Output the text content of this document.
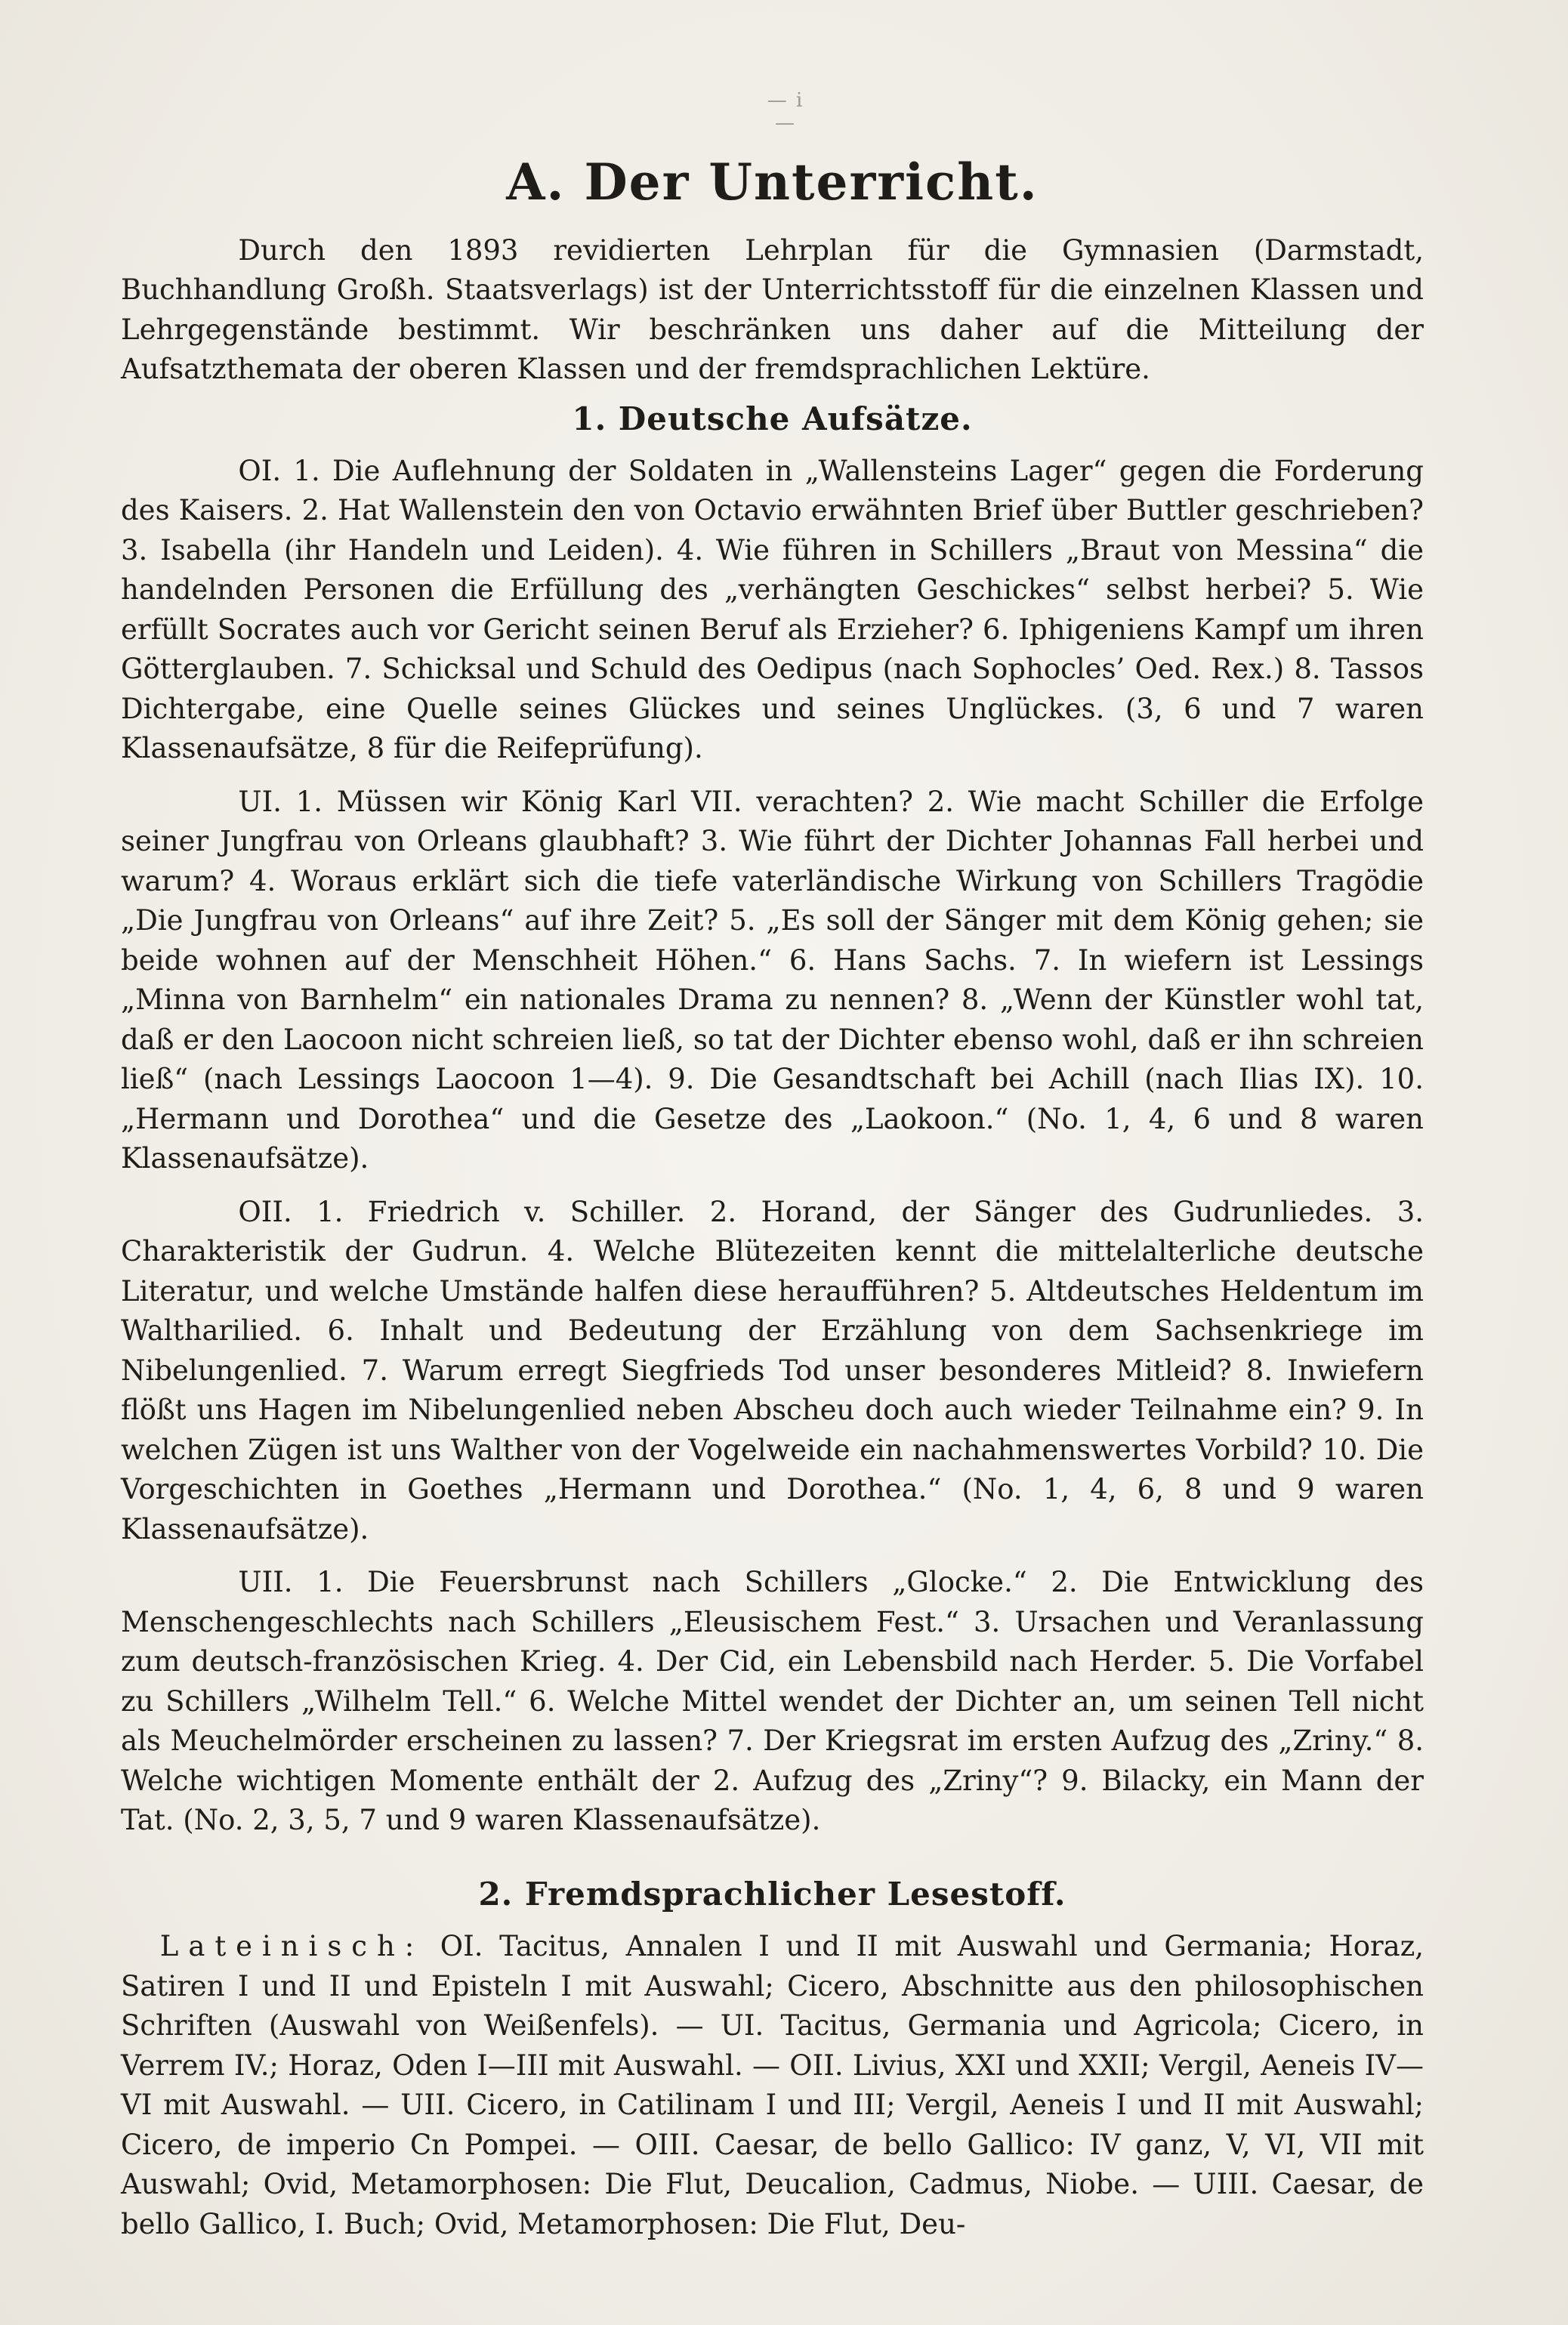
— i —
A. Der Unterricht.

Durch den 1893 revidierten Lehrplan für die Gymnasien (Darmstadt, Buchhandlung Großh. Staatsverlags) ist der Unterrichtsstoff für die einzelnen Klassen und Lehrgegenstände bestimmt. Wir beschränken uns daher auf die Mitteilung der Aufsatzthemata der oberen Klassen und der fremdsprachlichen Lektüre.

1. Deutsche Aufsätze.

OI. 1. Die Auflehnung der Soldaten in „Wallensteins Lager“ gegen die Forderung des Kaisers. 2. Hat Wallenstein den von Octavio erwähnten Brief über Buttler geschrieben? 3. Isabella (ihr Handeln und Leiden). 4. Wie führen in Schillers „Braut von Messina“ die handelnden Personen die Erfüllung des „verhängten Geschickes“ selbst herbei? 5. Wie erfüllt Socrates auch vor Gericht seinen Beruf als Erzieher? 6. Iphigeniens Kampf um ihren Götterglauben. 7. Schicksal und Schuld des Oedipus (nach Sophocles’ Oed. Rex.) 8. Tassos Dichtergabe, eine Quelle seines Glückes und seines Unglückes. (3, 6 und 7 waren Klassenaufsätze, 8 für die Reifeprüfung).

UI. 1. Müssen wir König Karl VII. verachten? 2. Wie macht Schiller die Erfolge seiner Jungfrau von Orleans glaubhaft? 3. Wie führt der Dichter Johannas Fall herbei und warum? 4. Woraus erklärt sich die tiefe vaterländische Wirkung von Schillers Tragödie „Die Jungfrau von Orleans“ auf ihre Zeit? 5. „Es soll der Sänger mit dem König gehen; sie beide wohnen auf der Menschheit Höhen.“ 6. Hans Sachs. 7. In wiefern ist Lessings „Minna von Barnhelm“ ein nationales Drama zu nennen? 8. „Wenn der Künstler wohl tat, daß er den Laocoon nicht schreien ließ, so tat der Dichter ebenso wohl, daß er ihn schreien ließ“ (nach Lessings Laocoon 1—4). 9. Die Gesandtschaft bei Achill (nach Ilias IX). 10. „Hermann und Dorothea“ und die Gesetze des „Laokoon.“ (No. 1, 4, 6 und 8 waren Klassenaufsätze).

OII. 1. Friedrich v. Schiller. 2. Horand, der Sänger des Gudrunliedes. 3. Charakteristik der Gudrun. 4. Welche Blütezeiten kennt die mittelalterliche deutsche Literatur, und welche Umstände halfen diese heraufführen? 5. Altdeutsches Heldentum im Waltharilied. 6. Inhalt und Bedeutung der Erzählung von dem Sachsenkriege im Nibelungenlied. 7. Warum erregt Siegfrieds Tod unser besonderes Mitleid? 8. Inwiefern flößt uns Hagen im Nibelungenlied neben Abscheu doch auch wieder Teilnahme ein? 9. In welchen Zügen ist uns Walther von der Vogelweide ein nachahmenswertes Vorbild? 10. Die Vorgeschichten in Goethes „Hermann und Dorothea.“ (No. 1, 4, 6, 8 und 9 waren Klassenaufsätze).

UII. 1. Die Feuersbrunst nach Schillers „Glocke.“ 2. Die Entwicklung des Menschengeschlechts nach Schillers „Eleusischem Fest.“ 3. Ursachen und Veranlassung zum deutsch-französischen Krieg. 4. Der Cid, ein Lebensbild nach Herder. 5. Die Vorfabel zu Schillers „Wilhelm Tell.“ 6. Welche Mittel wendet der Dichter an, um seinen Tell nicht als Meuchelmörder erscheinen zu lassen? 7. Der Kriegsrat im ersten Aufzug des „Zriny.“ 8. Welche wichtigen Momente enthält der 2. Aufzug des „Zriny“? 9. Bilacky, ein Mann der Tat. (No. 2, 3, 5, 7 und 9 waren Klassenaufsätze).

2. Fremdsprachlicher Lesestoff.

Lateinisch: OI. Tacitus, Annalen I und II mit Auswahl und Germania; Horaz, Satiren I und II und Episteln I mit Auswahl; Cicero, Abschnitte aus den philosophischen Schriften (Auswahl von Weißenfels). — UI. Tacitus, Germania und Agricola; Cicero, in Verrem IV.; Horaz, Oden I—III mit Auswahl. — OII. Livius, XXI und XXII; Vergil, Aeneis IV—VI mit Auswahl. — UII. Cicero, in Catilinam I und III; Vergil, Aeneis I und II mit Auswahl; Cicero, de imperio Cn Pompei. — OIII. Caesar, de bello Gallico: IV ganz, V, VI, VII mit Auswahl; Ovid, Metamorphosen: Die Flut, Deucalion, Cadmus, Niobe. — UIII. Caesar, de bello Gallico, I. Buch; Ovid, Metamorphosen: Die Flut, Deu-
